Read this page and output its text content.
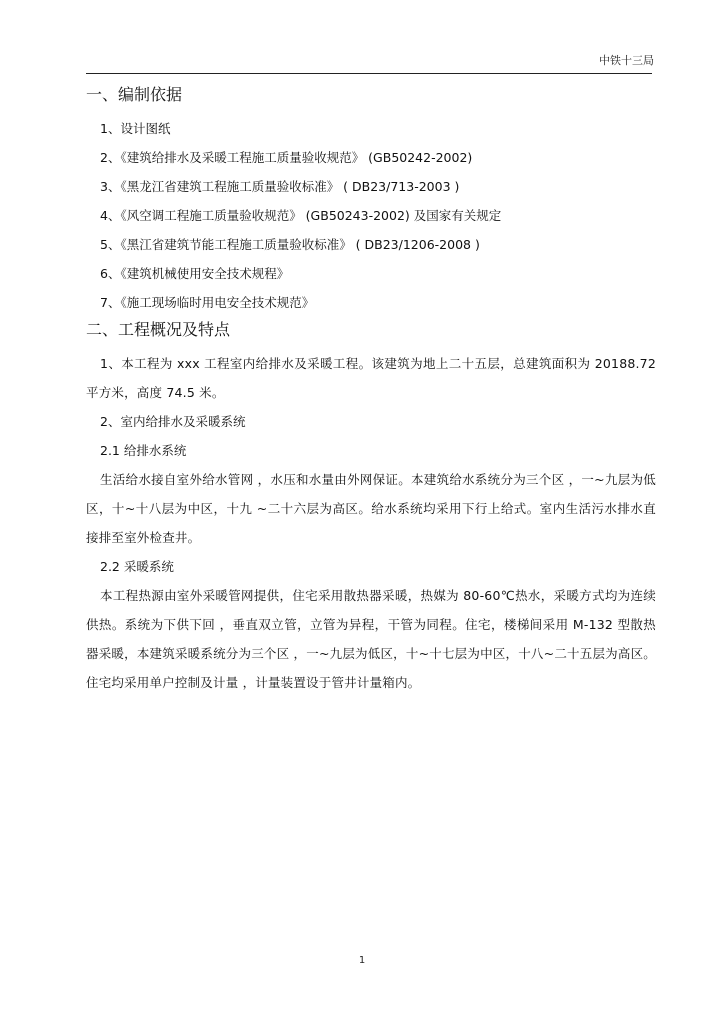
中铁十三局
一、编制依据
1、设计图纸
2、《建筑给排水及采暖工程施工质量验收规范》 (GB50242-2002)
3、《黑龙江省建筑工程施工质量验收标准》 ( DB23/713-2003 )
4、《风空调工程施工质量验收规范》 (GB50243-2002) 及国家有关规定
5、《黑江省建筑节能工程施工质量验收标准》 ( DB23/1206-2008 )
6、《建筑机械使用安全技术规程》
7、《施工现场临时用电安全技术规范》
二、工程概况及特点

1、本工程为 xxx 工程室内给排水及采暖工程。该建筑为地上二十五层，总建筑面积为 20188.72 平方米，高度 74.5 米。

2、室内给排水及采暖系统
2.1 给排水系统

生活给水接自室外给水管网 ，水压和水量由外网保证。本建筑给水系统分为三个区 ，一~九层为低区，十~十八层为中区，十九 ~二十六层为高区。给水系统均采用下行上给式。室内生活污水排水直接排至室外检查井。

2.2 采暖系统

本工程热源由室外采暖管网提供，住宅采用散热器采暖，热媒为 80-60℃热水，采暖方式均为连续供热。系统为下供下回 ，垂直双立管，立管为异程，干管为同程。住宅，楼梯间采用 M-132 型散热器采暖，本建筑采暖系统分为三个区 ，一~九层为低区，十~十七层为中区，十八~二十五层为高区。住宅均采用单户控制及计量 ，计量装置设于管井计量箱内。

1
